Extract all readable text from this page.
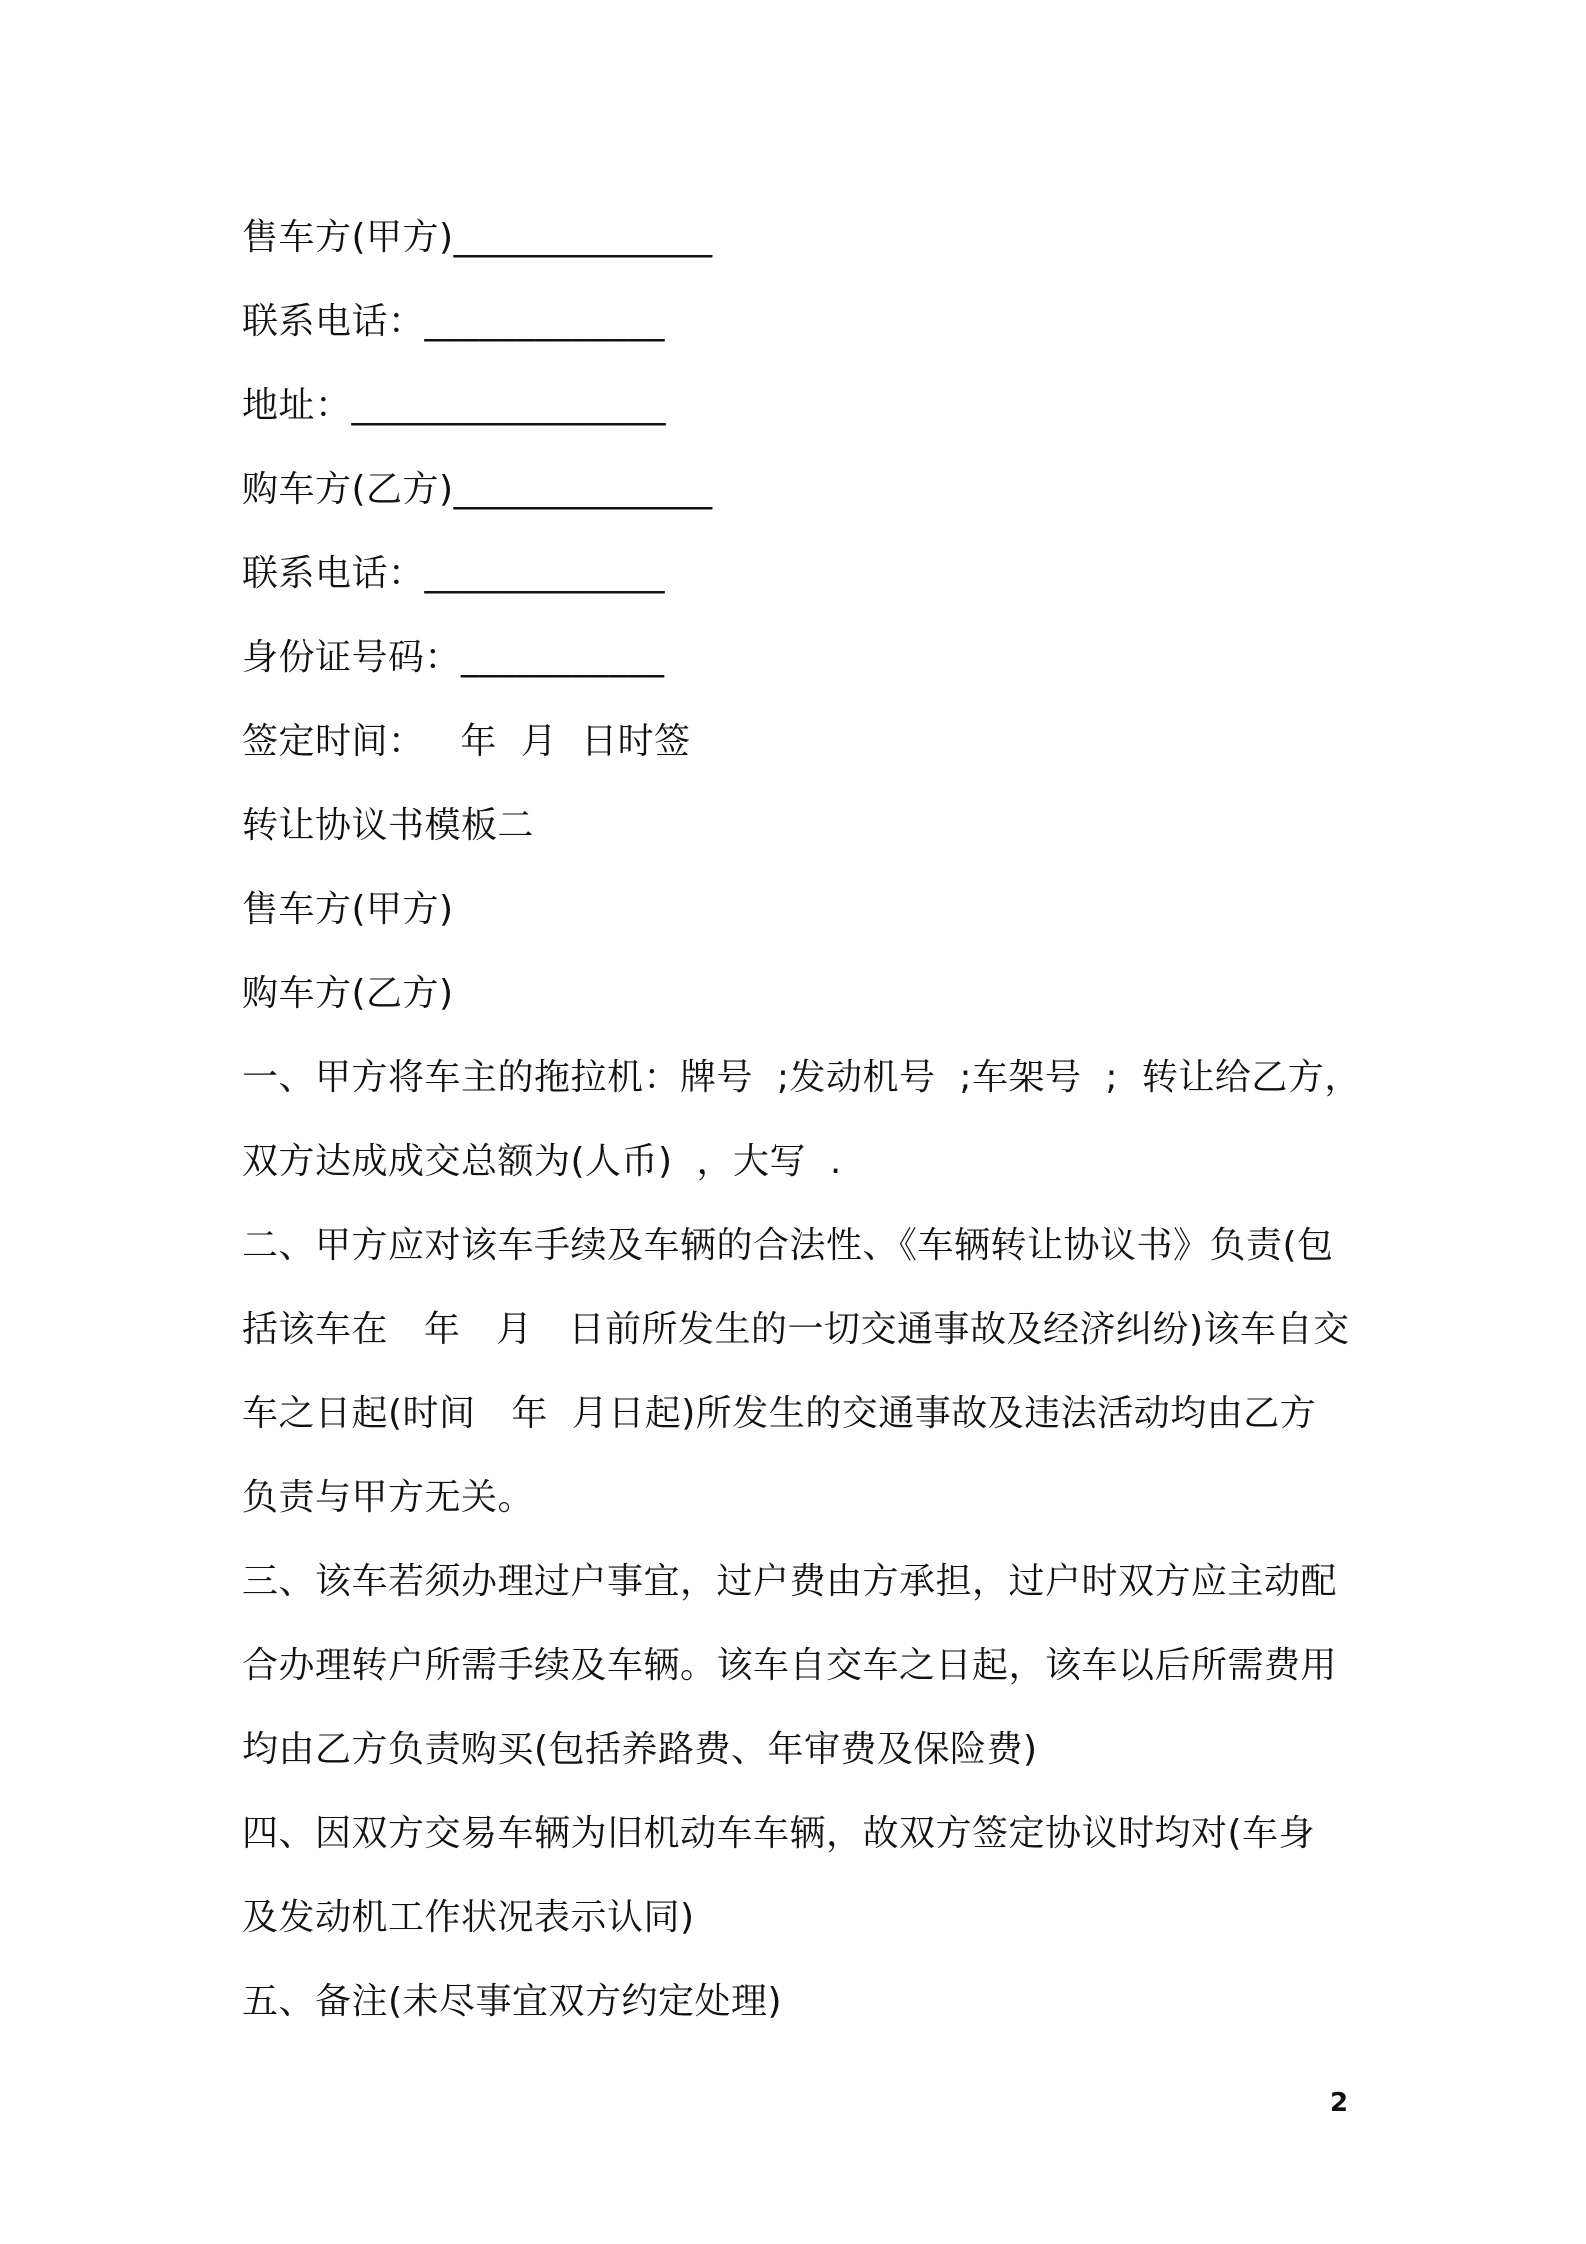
售车方(甲方)______________
联系电话：_____________
地址：_________________
购车方(乙方)______________
联系电话：_____________
身份证号码：___________
签定时间：   年  月  日时签
转让协议书模板二
售车方(甲方)
购车方(乙方)
一、甲方将车主的拖拉机：牌号  ;发动机号  ;车架号  ;  转让给乙方，
双方达成成交总额为(人币)  ，大写  .
二、甲方应对该车手续及车辆的合法性、《车辆转让协议书》负责(包
括该车在   年   月   日前所发生的一切交通事故及经济纠纷)该车自交
车之日起(时间   年  月日起)所发生的交通事故及违法活动均由乙方
负责与甲方无关。
三、该车若须办理过户事宜，过户费由方承担，过户时双方应主动配
合办理转户所需手续及车辆。该车自交车之日起，该车以后所需费用
均由乙方负责购买(包括养路费、年审费及保险费)
四、因双方交易车辆为旧机动车车辆，故双方签定协议时均对(车身
及发动机工作状况表示认同)
五、备注(未尽事宜双方约定处理)
2
